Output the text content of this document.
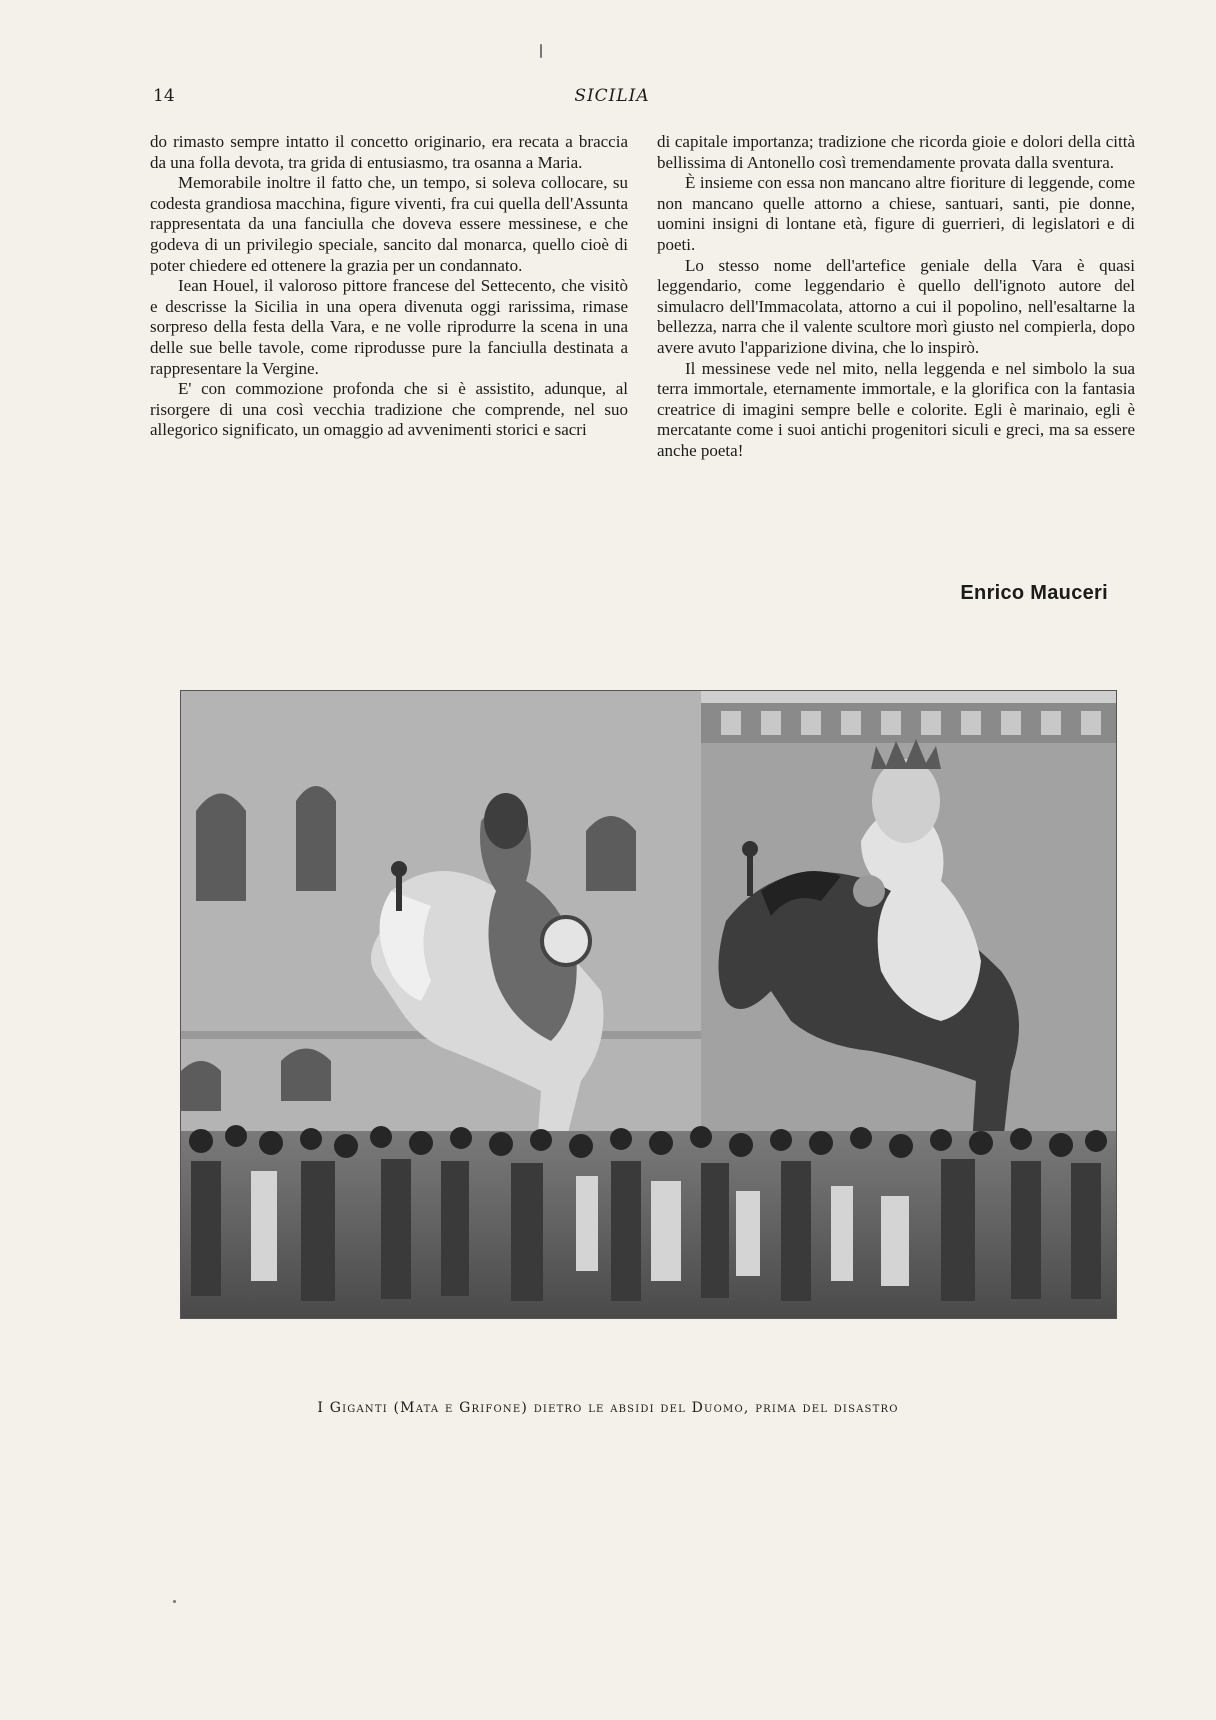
14	SICILIA

do rimasto sempre intatto il concetto originario, era recata a braccia da una folla devota, tra grida di entusiasmo, tra osanna a Maria.

Memorabile inoltre il fatto che, un tempo, si soleva collocare, su codesta grandiosa macchina, figure viventi, fra cui quella dell'Assunta rappresentata da una fanciulla che doveva essere messinese, e che godeva di un privilegio speciale, sancito dal monarca, quello cioè di poter chiedere ed ottenere la grazia per un condannato.

Iean Houel, il valoroso pittore francese del Settecento, che visitò e descrisse la Sicilia in una opera divenuta oggi rarissima, rimase sorpreso della festa della Vara, e ne volle riprodurre la scena in una delle sue belle tavole, come riprodusse pure la fanciulla destinata a rappresentare la Vergine.

E' con commozione profonda che si è assistito, adunque, al risorgere di una così vecchia tradizione che comprende, nel suo allegorico significato, un omaggio ad avvenimenti storici e sacri

di capitale importanza; tradizione che ricorda gioie e dolori della città bellissima di Antonello così tremendamente provata dalla sventura.

È insieme con essa non mancano altre fioriture di leggende, come non mancano quelle attorno a chiese, santuari, santi, pie donne, uomini insigni di lontane età, figure di guerrieri, di legislatori e di poeti.

Lo stesso nome dell'artefice geniale della Vara è quasi leggendario, come leggendario è quello dell'ignoto autore del simulacro dell'Immacolata, attorno a cui il popolino, nell'esaltarne la bellezza, narra che il valente scultore morì giusto nel compierla, dopo avere avuto l'apparizione divina, che lo inspirò.

Il messinese vede nel mito, nella leggenda e nel simbolo la sua terra immortale, eternamente immortale, e la glorifica con la fantasia creatrice di imagini sempre belle e colorite. Egli è marinaio, egli è mercatante come i suoi antichi progenitori siculi e greci, ma sa essere anche poeta!

Enrico Mauceri
I Giganti (Mata e Grifone) dietro le absidi del Duomo, prima del disastro
